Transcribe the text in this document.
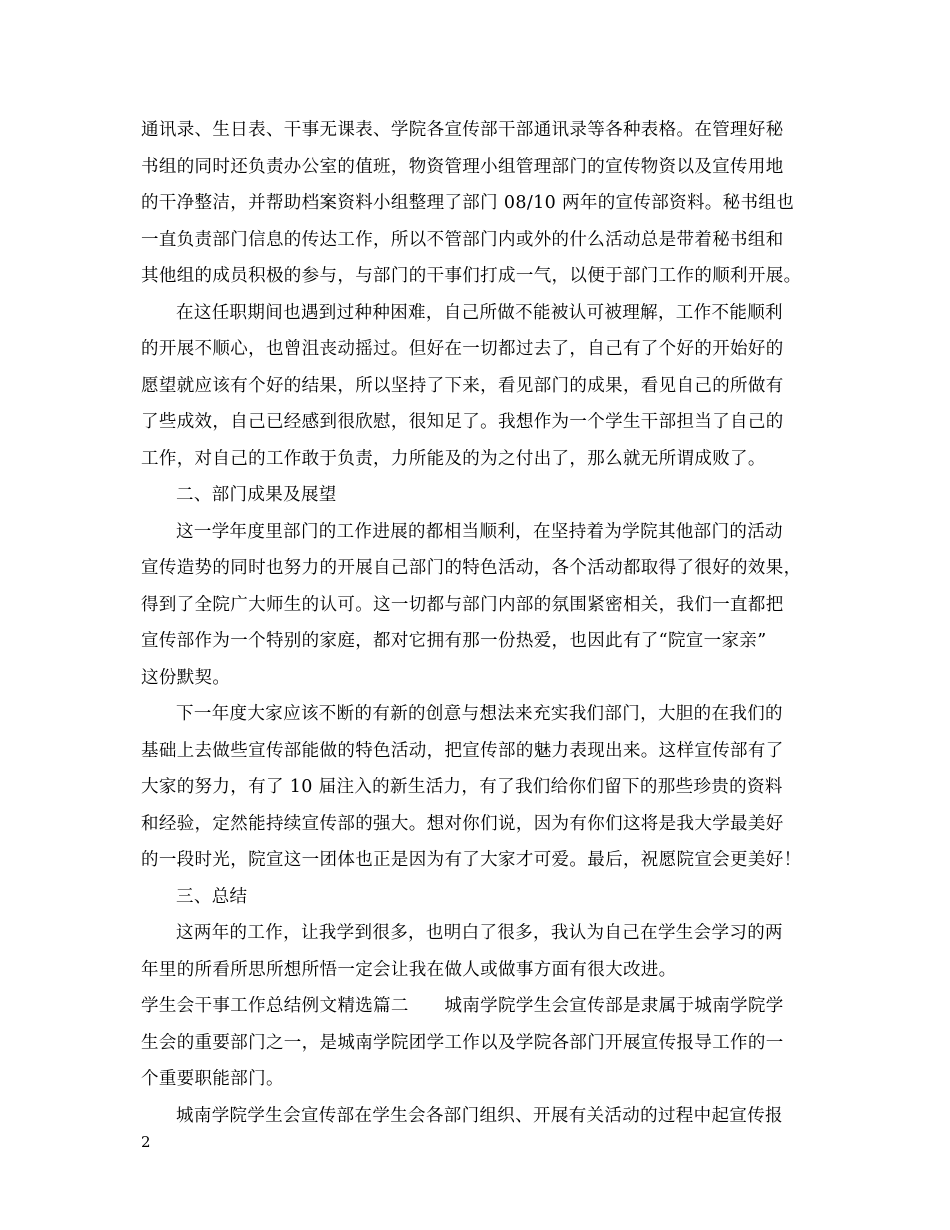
通讯录、生日表、干事无课表、学院各宣传部干部通讯录等各种表格。在管理好秘
书组的同时还负责办公室的值班，物资管理小组管理部门的宣传物资以及宣传用地
的干净整洁，并帮助档案资料小组整理了部门 08/10 两年的宣传部资料。秘书组也
一直负责部门信息的传达工作，所以不管部门内或外的什么活动总是带着秘书组和
其他组的成员积极的参与，与部门的干事们打成一气，以便于部门工作的顺利开展。
在这任职期间也遇到过种种困难，自己所做不能被认可被理解，工作不能顺利
的开展不顺心，也曾沮丧动摇过。但好在一切都过去了，自己有了个好的开始好的
愿望就应该有个好的结果，所以坚持了下来，看见部门的成果，看见自己的所做有
了些成效，自己已经感到很欣慰，很知足了。我想作为一个学生干部担当了自己的
工作，对自己的工作敢于负责，力所能及的为之付出了，那么就无所谓成败了。
二、部门成果及展望
这一学年度里部门的工作进展的都相当顺利，在坚持着为学院其他部门的活动
宣传造势的同时也努力的开展自己部门的特色活动，各个活动都取得了很好的效果，
得到了全院广大师生的认可。这一切都与部门内部的氛围紧密相关，我们一直都把
宣传部作为一个特别的家庭，都对它拥有那一份热爱，也因此有了“院宣一家亲”
这份默契。
下一年度大家应该不断的有新的创意与想法来充实我们部门，大胆的在我们的
基础上去做些宣传部能做的特色活动，把宣传部的魅力表现出来。这样宣传部有了
大家的努力，有了 10 届注入的新生活力，有了我们给你们留下的那些珍贵的资料
和经验，定然能持续宣传部的强大。想对你们说，因为有你们这将是我大学最美好
的一段时光，院宣这一团体也正是因为有了大家才可爱。最后，祝愿院宣会更美好！
三、总结
这两年的工作，让我学到很多，也明白了很多，我认为自己在学生会学习的两
年里的所看所思所想所悟一定会让我在做人或做事方面有很大改进。
学生会干事工作总结例文精选篇二　　城南学院学生会宣传部是隶属于城南学院学
生会的重要部门之一，是城南学院团学工作以及学院各部门开展宣传报导工作的一
个重要职能部门。
城南学院学生会宣传部在学生会各部门组织、开展有关活动的过程中起宣传报
2
